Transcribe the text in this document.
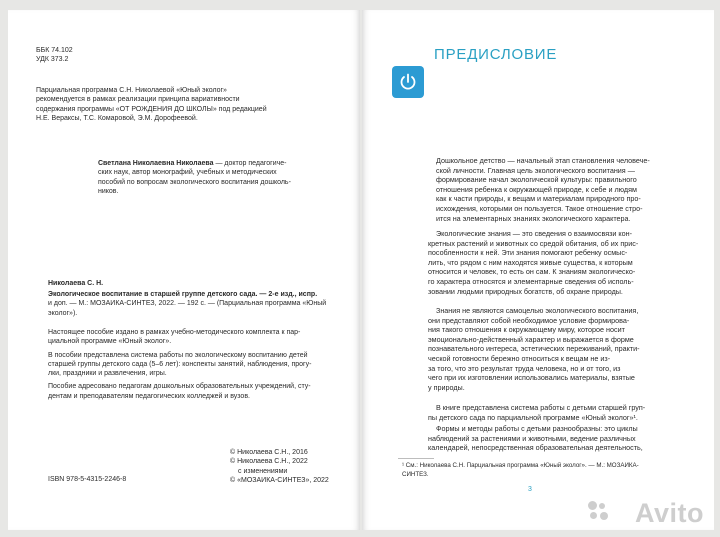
ББК 74.102
УДК 373.2
Парциальная программа С.Н. Николаевой «Юный эколог»
рекомендуется в рамках реализации принципа вариативности
содержания программы «ОТ РОЖДЕНИЯ ДО ШКОЛЫ» под редакцией
Н.Е. Вераксы, Т.С. Комаровой, Э.М. Дорофеевой.
Светлана Николаевна Николаева — доктор педагогиче-
ских наук, автор монографий, учебных и методических
пособий по вопросам экологического воспитания дошколь-
ников.
Николаева С. Н.
Экологическое воспитание в старшей группе детского сада. — 2-е изд., испр.
и доп. — М.: МОЗАИКА-СИНТЕЗ, 2022. — 192 с. — (Парциальная программа «Юный
эколог»).
Настоящее пособие издано в рамках учебно-методического комплекта к пар-
циальной программе «Юный эколог».
В пособии представлена система работы по экологическому воспитанию детей
старшей группы детского сада (5–6 лет): конспекты занятий, наблюдения, прогу-
лки, праздники и развлечения, игры.
Пособие адресовано педагогам дошкольных образовательных учреждений, сту-
дентам и преподавателям педагогических колледжей и вузов.
© Николаева С.Н., 2016
© Николаева С.Н., 2022
с изменениями
© «МОЗАИКА-СИНТЕЗ», 2022
ISBN 978-5-4315-2246-8
ПРЕДИСЛОВИЕ
Дошкольное детство — начальный этап становления человече-
ской личности. Главная цель экологического воспитания —
формирование начал экологической культуры: правильного
отношения ребенка к окружающей природе, к себе и людям
как к части природы, к вещам и материалам природного про-
исхождения, которыми он пользуется. Такое отношение стро-
ится на элементарных знаниях экологического характера.
Экологические знания — это сведения о взаимосвязи кон-
кретных растений и животных со средой обитания, об их прис-
пособленности к ней. Эти знания помогают ребенку осмыс-
лить, что рядом с ним находятся живые существа, к которым
относится и человек, то есть он сам. К знаниям экологическо-
го характера относятся и элементарные сведения об исполь-
зовании людьми природных богатств, об охране природы.
Знания не являются самоцелью экологического воспитания,
они представляют собой необходимое условие формирова-
ния такого отношения к окружающему миру, которое носит
эмоционально-действенный характер и выражается в форме
познавательного интереса, эстетических переживаний, практи-
ческой готовности бережно относиться к вещам не из-
за того, что это результат труда человека, но и от того, из
чего при их изготовлении использовались материалы, взятые
у природы.
В книге представлена система работы с детьми старшей груп-
пы детского сада по парциальной программе «Юный эколог»¹.
Формы и методы работы с детьми разнообразны: это циклы
наблюдений за растениями и животными, ведение различных
календарей, непосредственная образовательная деятельность,
¹ См.: Николаева С.Н. Парциальная программа «Юный эколог». — М.: МОЗАИКА-
СИНТЕЗ.
3
Avito
